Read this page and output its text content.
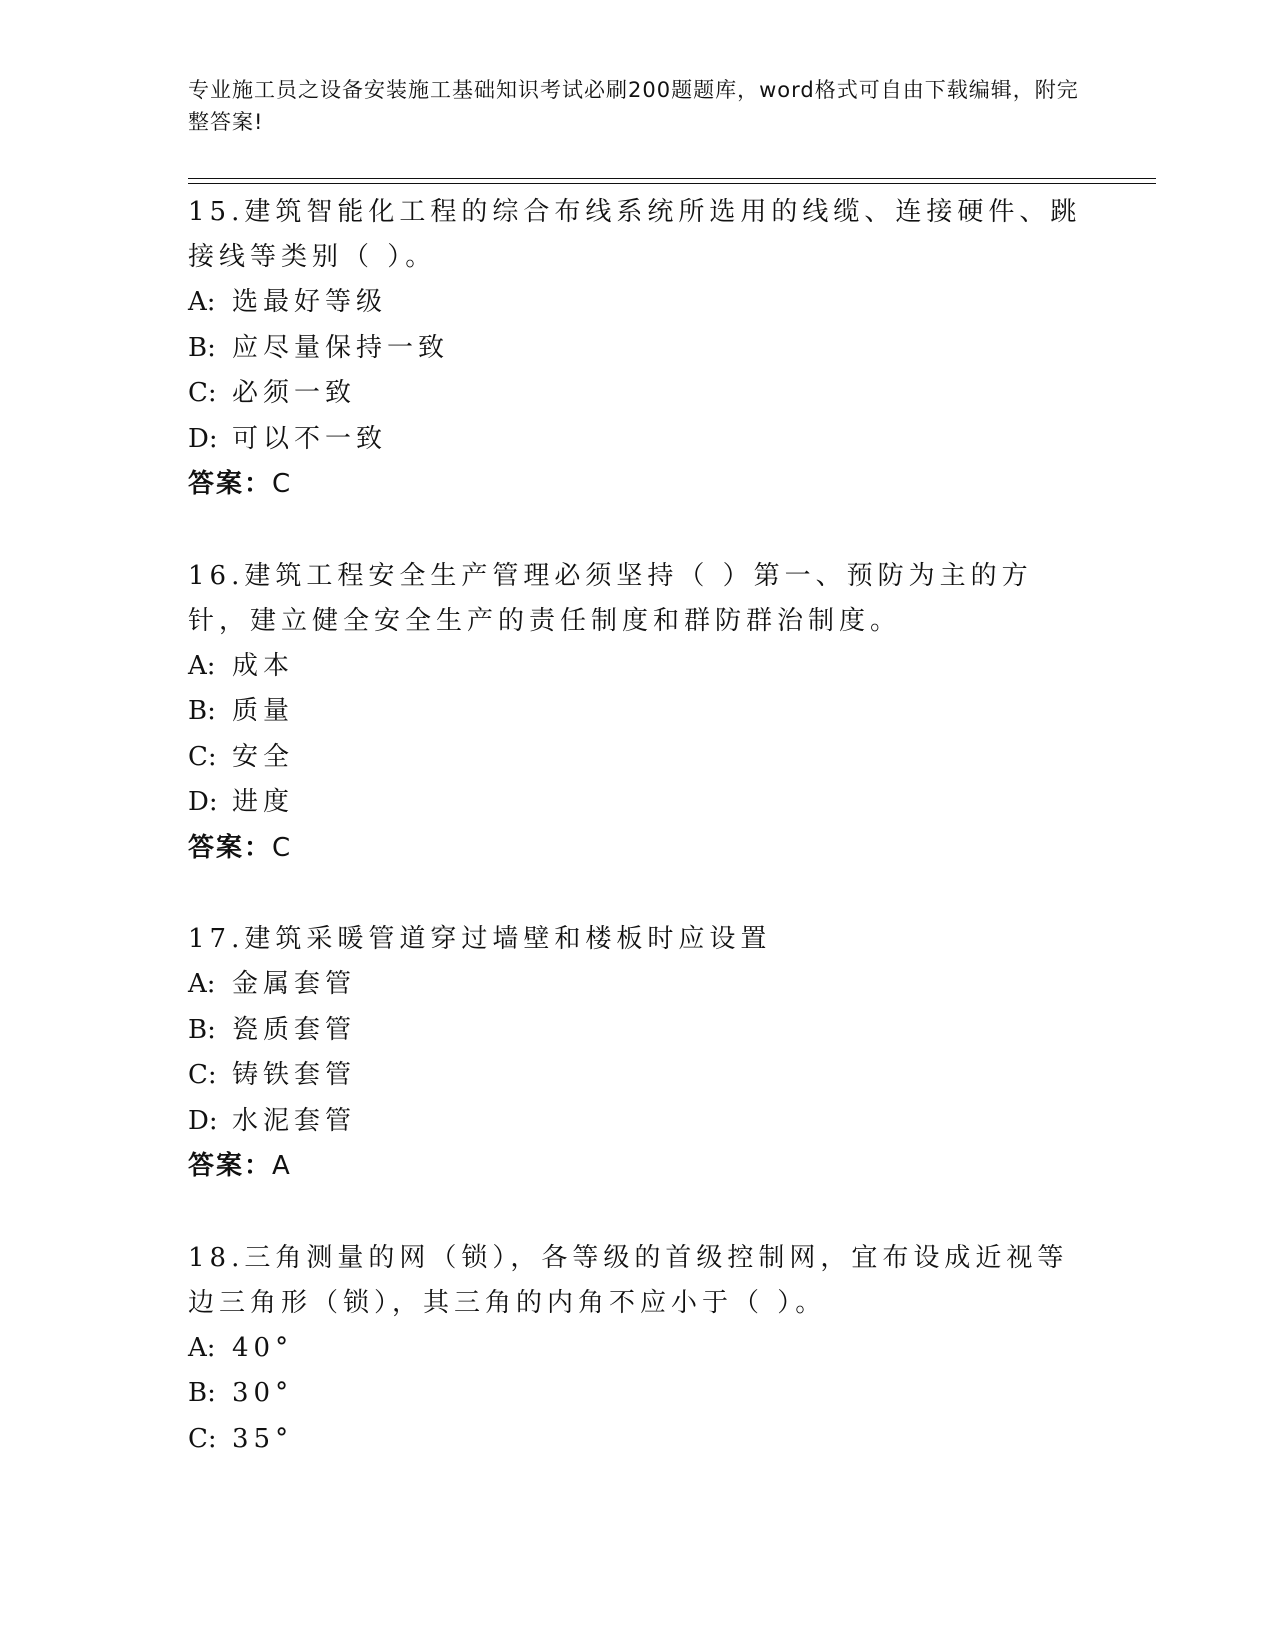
专业施工员之设备安装施工基础知识考试必刷200题题库，word格式可自由下载编辑，附完整答案!
15.建筑智能化工程的综合布线系统所选用的线缆、连接硬件、跳接线等类别（ ）。
A: 选最好等级
B: 应尽量保持一致
C: 必须一致
D: 可以不一致
答案：C
16.建筑工程安全生产管理必须坚持（ ）第一、预防为主的方针，建立健全安全生产的责任制度和群防群治制度。
A: 成本
B: 质量
C: 安全
D: 进度
答案：C
17.建筑采暖管道穿过墙壁和楼板时应设置
A: 金属套管
B: 瓷质套管
C: 铸铁套管
D: 水泥套管
答案：A
18.三角测量的网（锁），各等级的首级控制网，宜布设成近视等边三角形（锁），其三角的内角不应小于（ ）。
A: 40°
B: 30°
C: 35°
